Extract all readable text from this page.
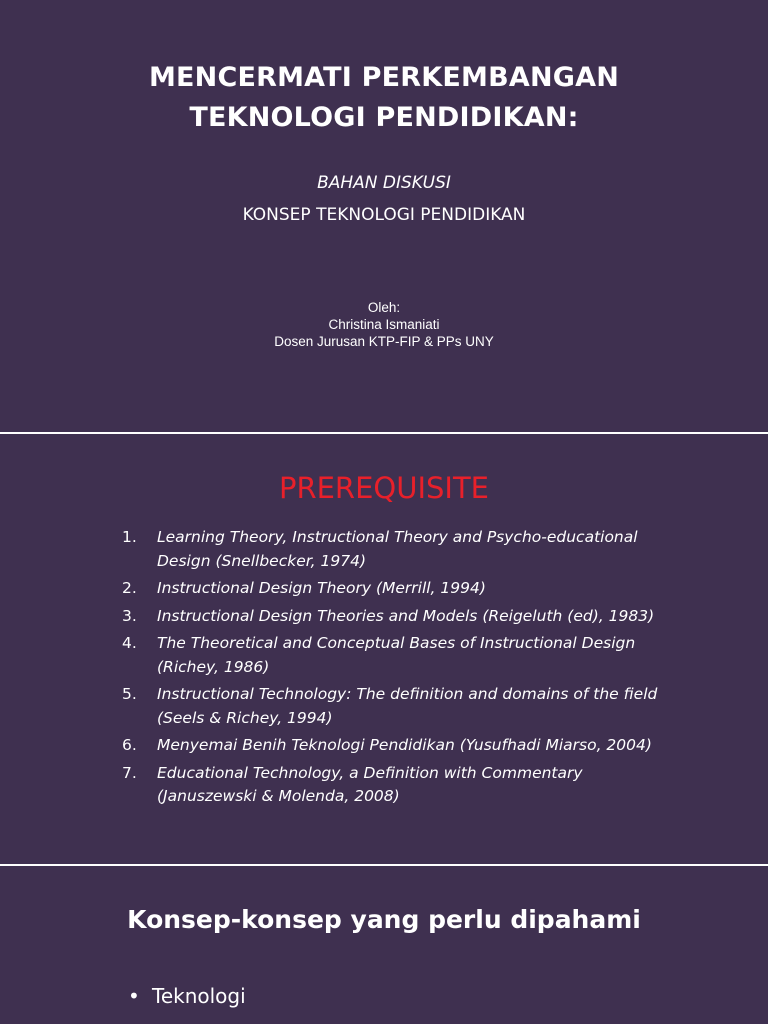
MENCERMATI PERKEMBANGAN
TEKNOLOGI PENDIDIKAN:
BAHAN DISKUSI
KONSEP TEKNOLOGI PENDIDIKAN
Oleh:
Christina Ismaniati
Dosen Jurusan KTP-FIP & PPs UNY
PREREQUISITE
1. Learning Theory, Instructional Theory and Psycho-educational Design (Snellbecker, 1974)
2. Instructional Design Theory (Merrill, 1994)
3. Instructional Design Theories and Models (Reigeluth (ed), 1983)
4. The Theoretical and Conceptual Bases of Instructional Design (Richey, 1986)
5. Instructional Technology: The definition and domains of the field (Seels & Richey, 1994)
6. Menyemai Benih Teknologi Pendidikan (Yusufhadi Miarso, 2004)
7. Educational Technology, a Definition with Commentary (Januszewski & Molenda, 2008)
Konsep-konsep yang perlu dipahami
• Teknologi
